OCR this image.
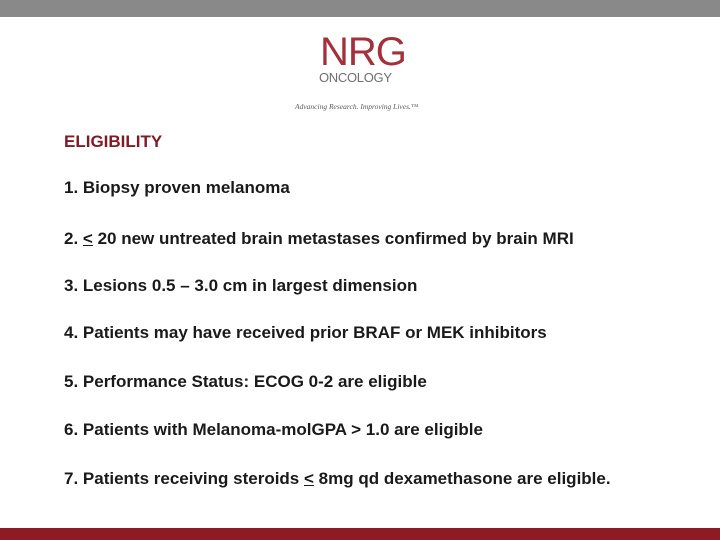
NRG
ONCOLOGY
Advancing Research. Improving Lives.™
ELIGIBILITY
1. Biopsy proven melanoma
2. < 20 new untreated brain metastases confirmed by brain MRI
3. Lesions 0.5 – 3.0 cm in largest dimension
4. Patients may have received prior BRAF or MEK inhibitors
5. Performance Status: ECOG 0-2 are eligible
6. Patients with Melanoma-molGPA > 1.0 are eligible
7. Patients receiving steroids ≤ 8mg qd dexamethasone are eligible.
